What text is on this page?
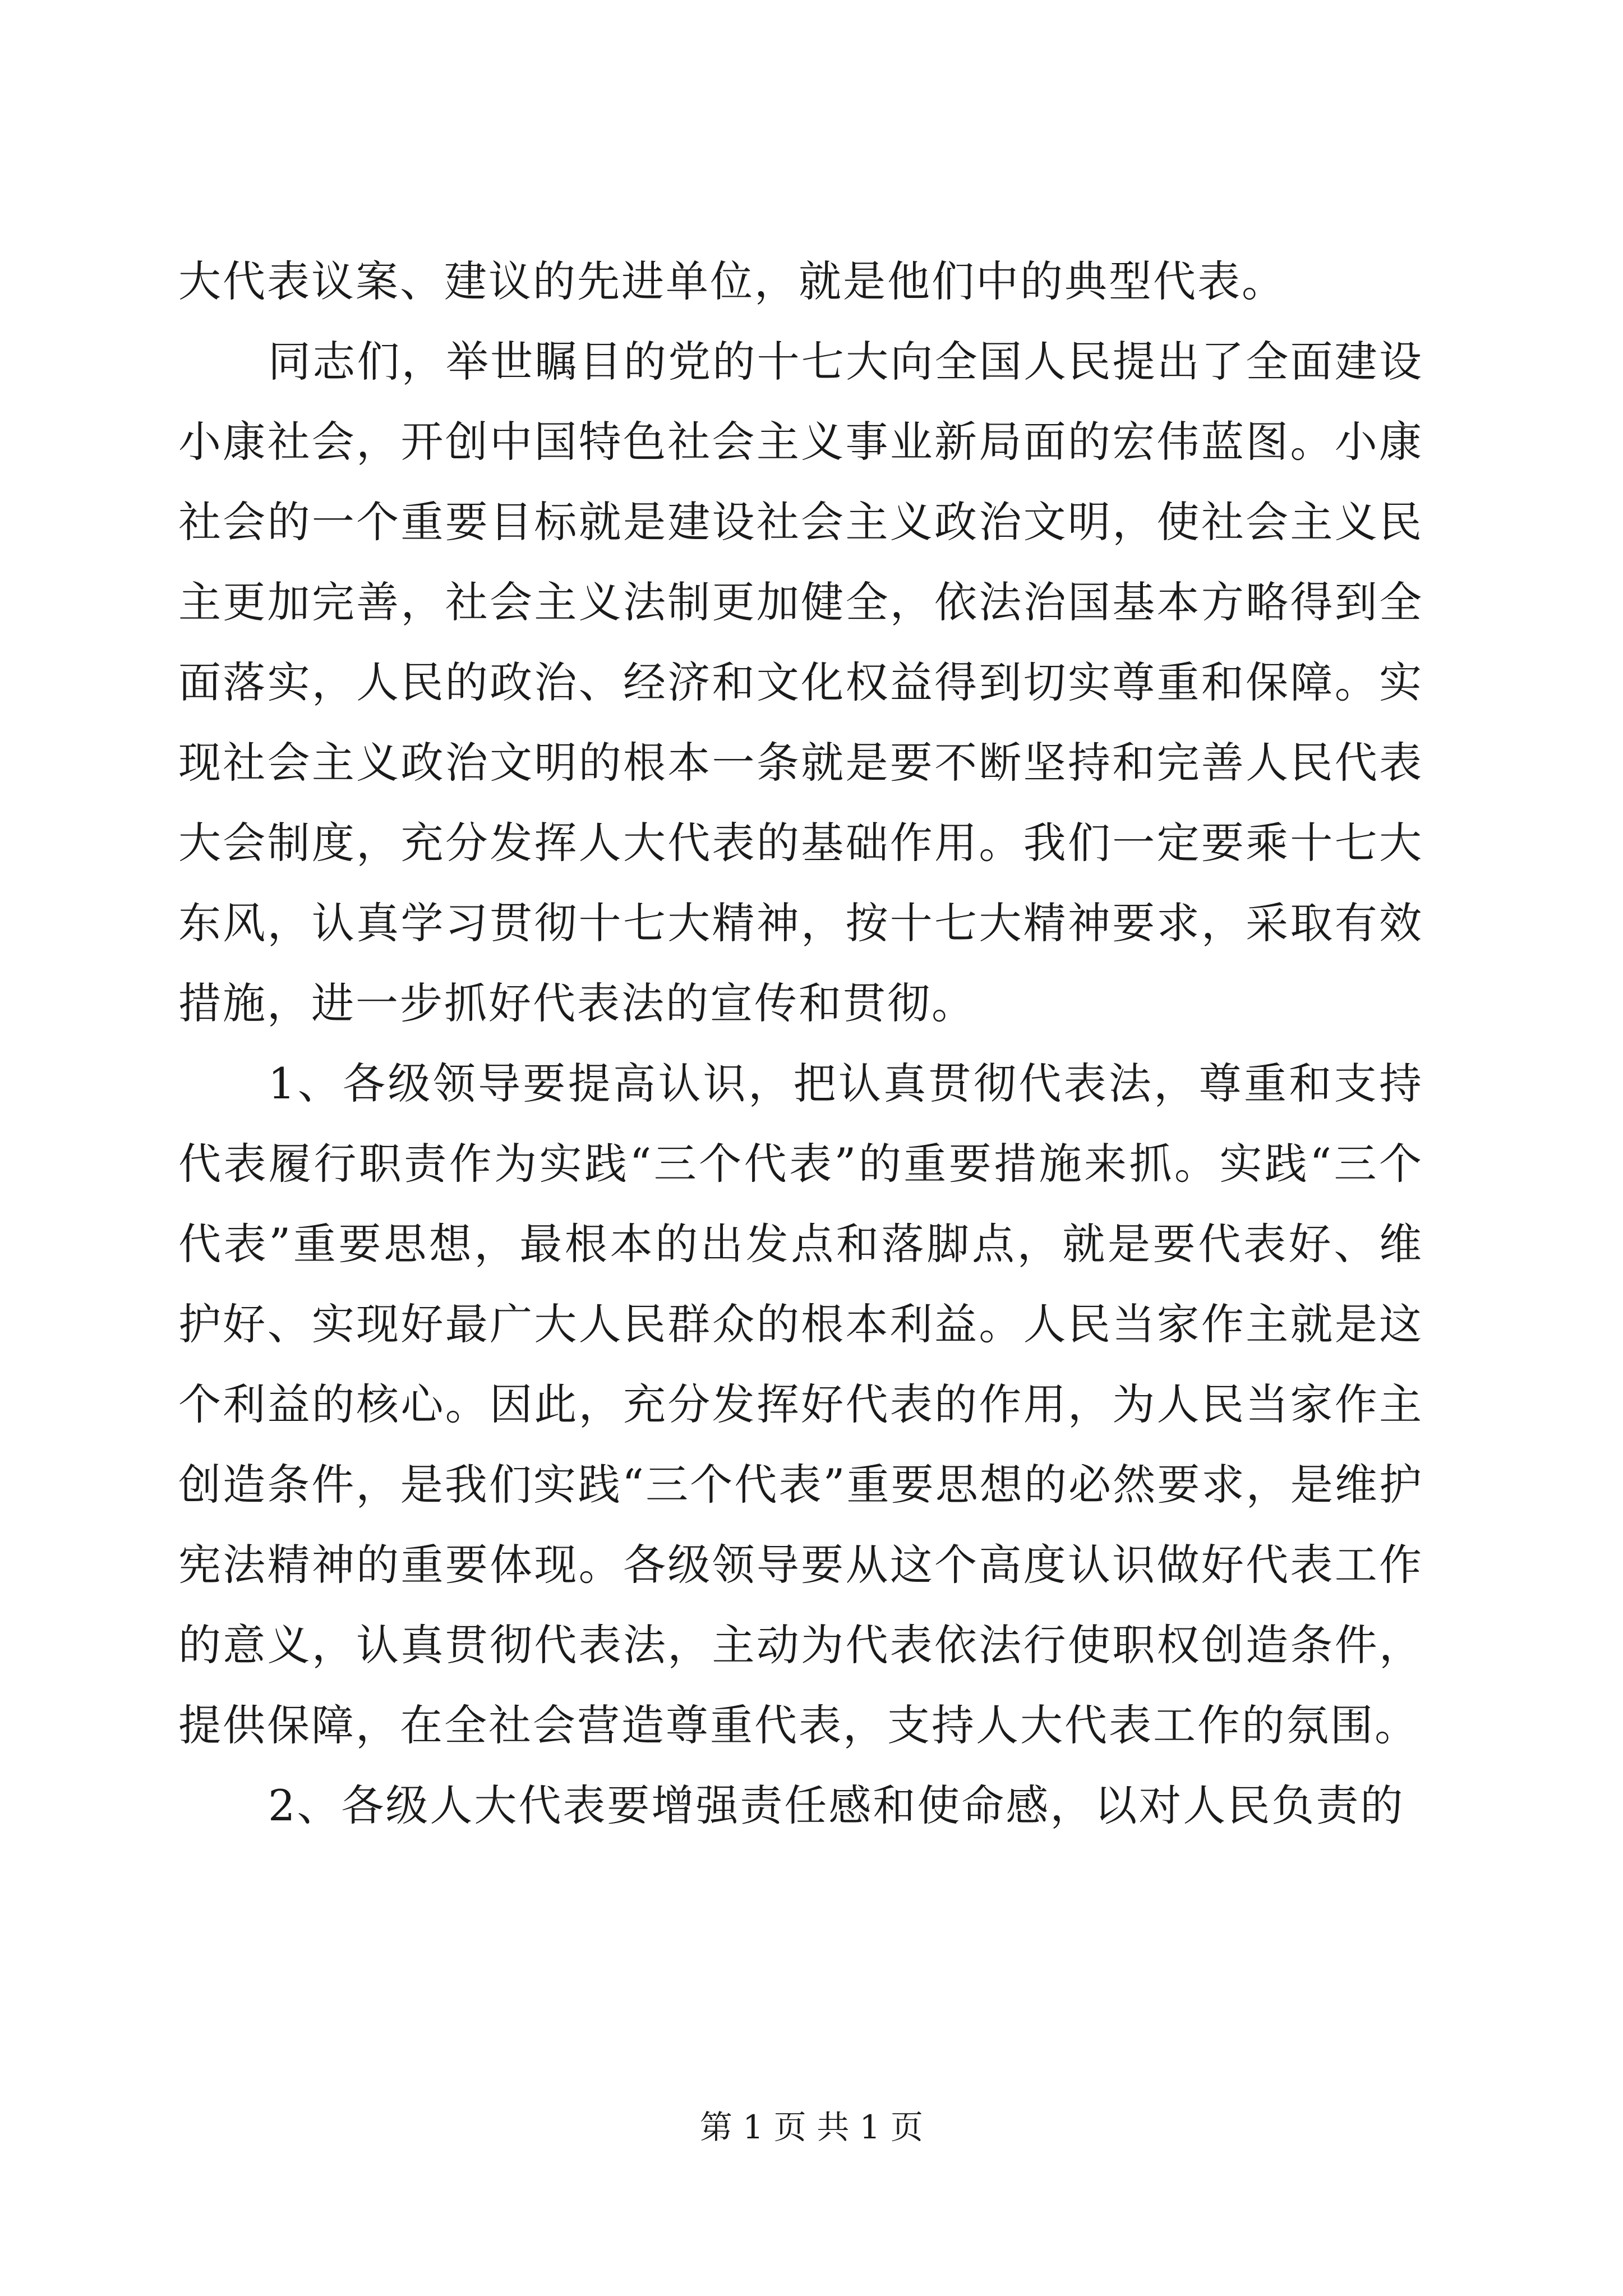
大代表议案、建议的先进单位，就是他们中的典型代表。

同志们，举世瞩目的党的十七大向全国人民提出了全面建设小康社会，开创中国特色社会主义事业新局面的宏伟蓝图。小康社会的一个重要目标就是建设社会主义政治文明，使社会主义民主更加完善，社会主义法制更加健全，依法治国基本方略得到全面落实，人民的政治、经济和文化权益得到切实尊重和保障。实现社会主义政治文明的根本一条就是要不断坚持和完善人民代表大会制度，充分发挥人大代表的基础作用。我们一定要乘十七大东风，认真学习贯彻十七大精神，按十七大精神要求，采取有效措施，进一步抓好代表法的宣传和贯彻。

1、各级领导要提高认识，把认真贯彻代表法，尊重和支持代表履行职责作为实践“三个代表”的重要措施来抓。实践“三个代表”重要思想，最根本的出发点和落脚点，就是要代表好、维护好、实现好最广大人民群众的根本利益。人民当家作主就是这个利益的核心。因此，充分发挥好代表的作用，为人民当家作主创造条件，是我们实践“三个代表”重要思想的必然要求，是维护宪法精神的重要体现。各级领导要从这个高度认识做好代表工作的意义，认真贯彻代表法，主动为代表依法行使职权创造条件，提供保障，在全社会营造尊重代表，支持人大代表工作的氛围。

2、各级人大代表要增强责任感和使命感，以对人民负责的

第 1 页 共 1 页
